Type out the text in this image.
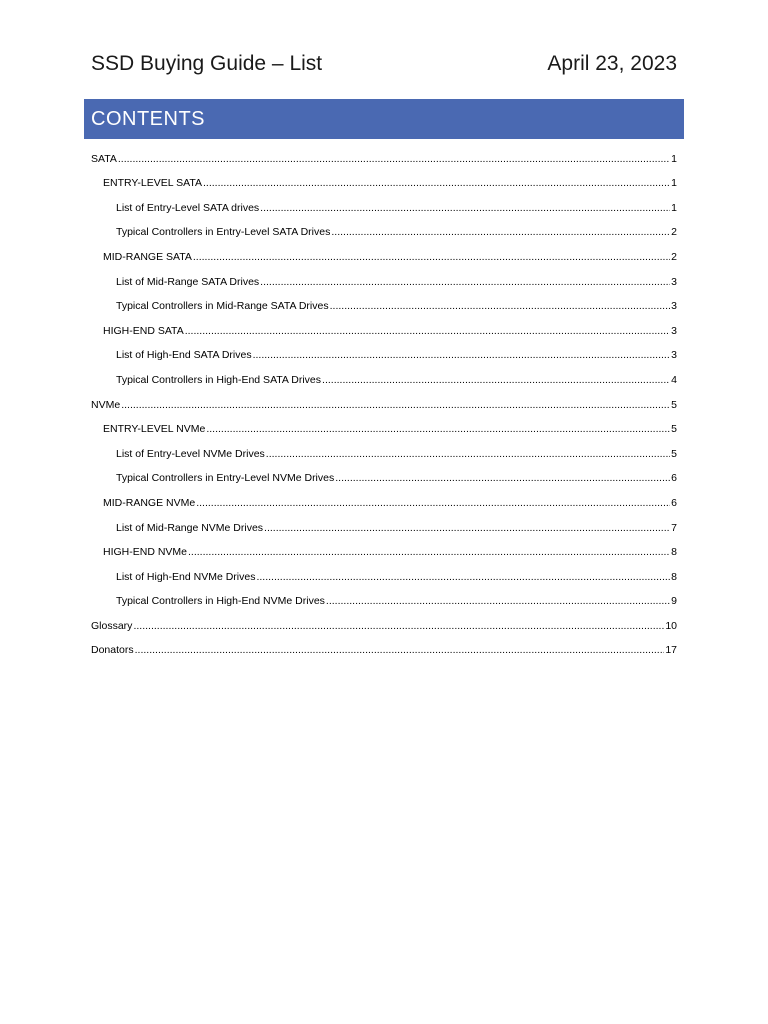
SSD Buying Guide – List	April 23, 2023
CONTENTS
SATA .....	1
ENTRY-LEVEL SATA .....	1
List of Entry-Level SATA drives .....	1
Typical Controllers in Entry-Level SATA Drives .....	2
MID-RANGE SATA .....	2
List of Mid-Range SATA Drives .....	3
Typical Controllers in Mid-Range SATA Drives .....	3
HIGH-END SATA .....	3
List of High-End SATA Drives .....	3
Typical Controllers in High-End SATA Drives .....	4
NVMe .....	5
ENTRY-LEVEL NVMe .....	5
List of Entry-Level NVMe Drives .....	5
Typical Controllers in Entry-Level NVMe Drives .....	6
MID-RANGE NVMe .....	6
List of Mid-Range NVMe Drives .....	7
HIGH-END NVMe .....	8
List of High-End NVMe Drives .....	8
Typical Controllers in High-End NVMe Drives .....	9
Glossary .....	10
Donators .....	17
